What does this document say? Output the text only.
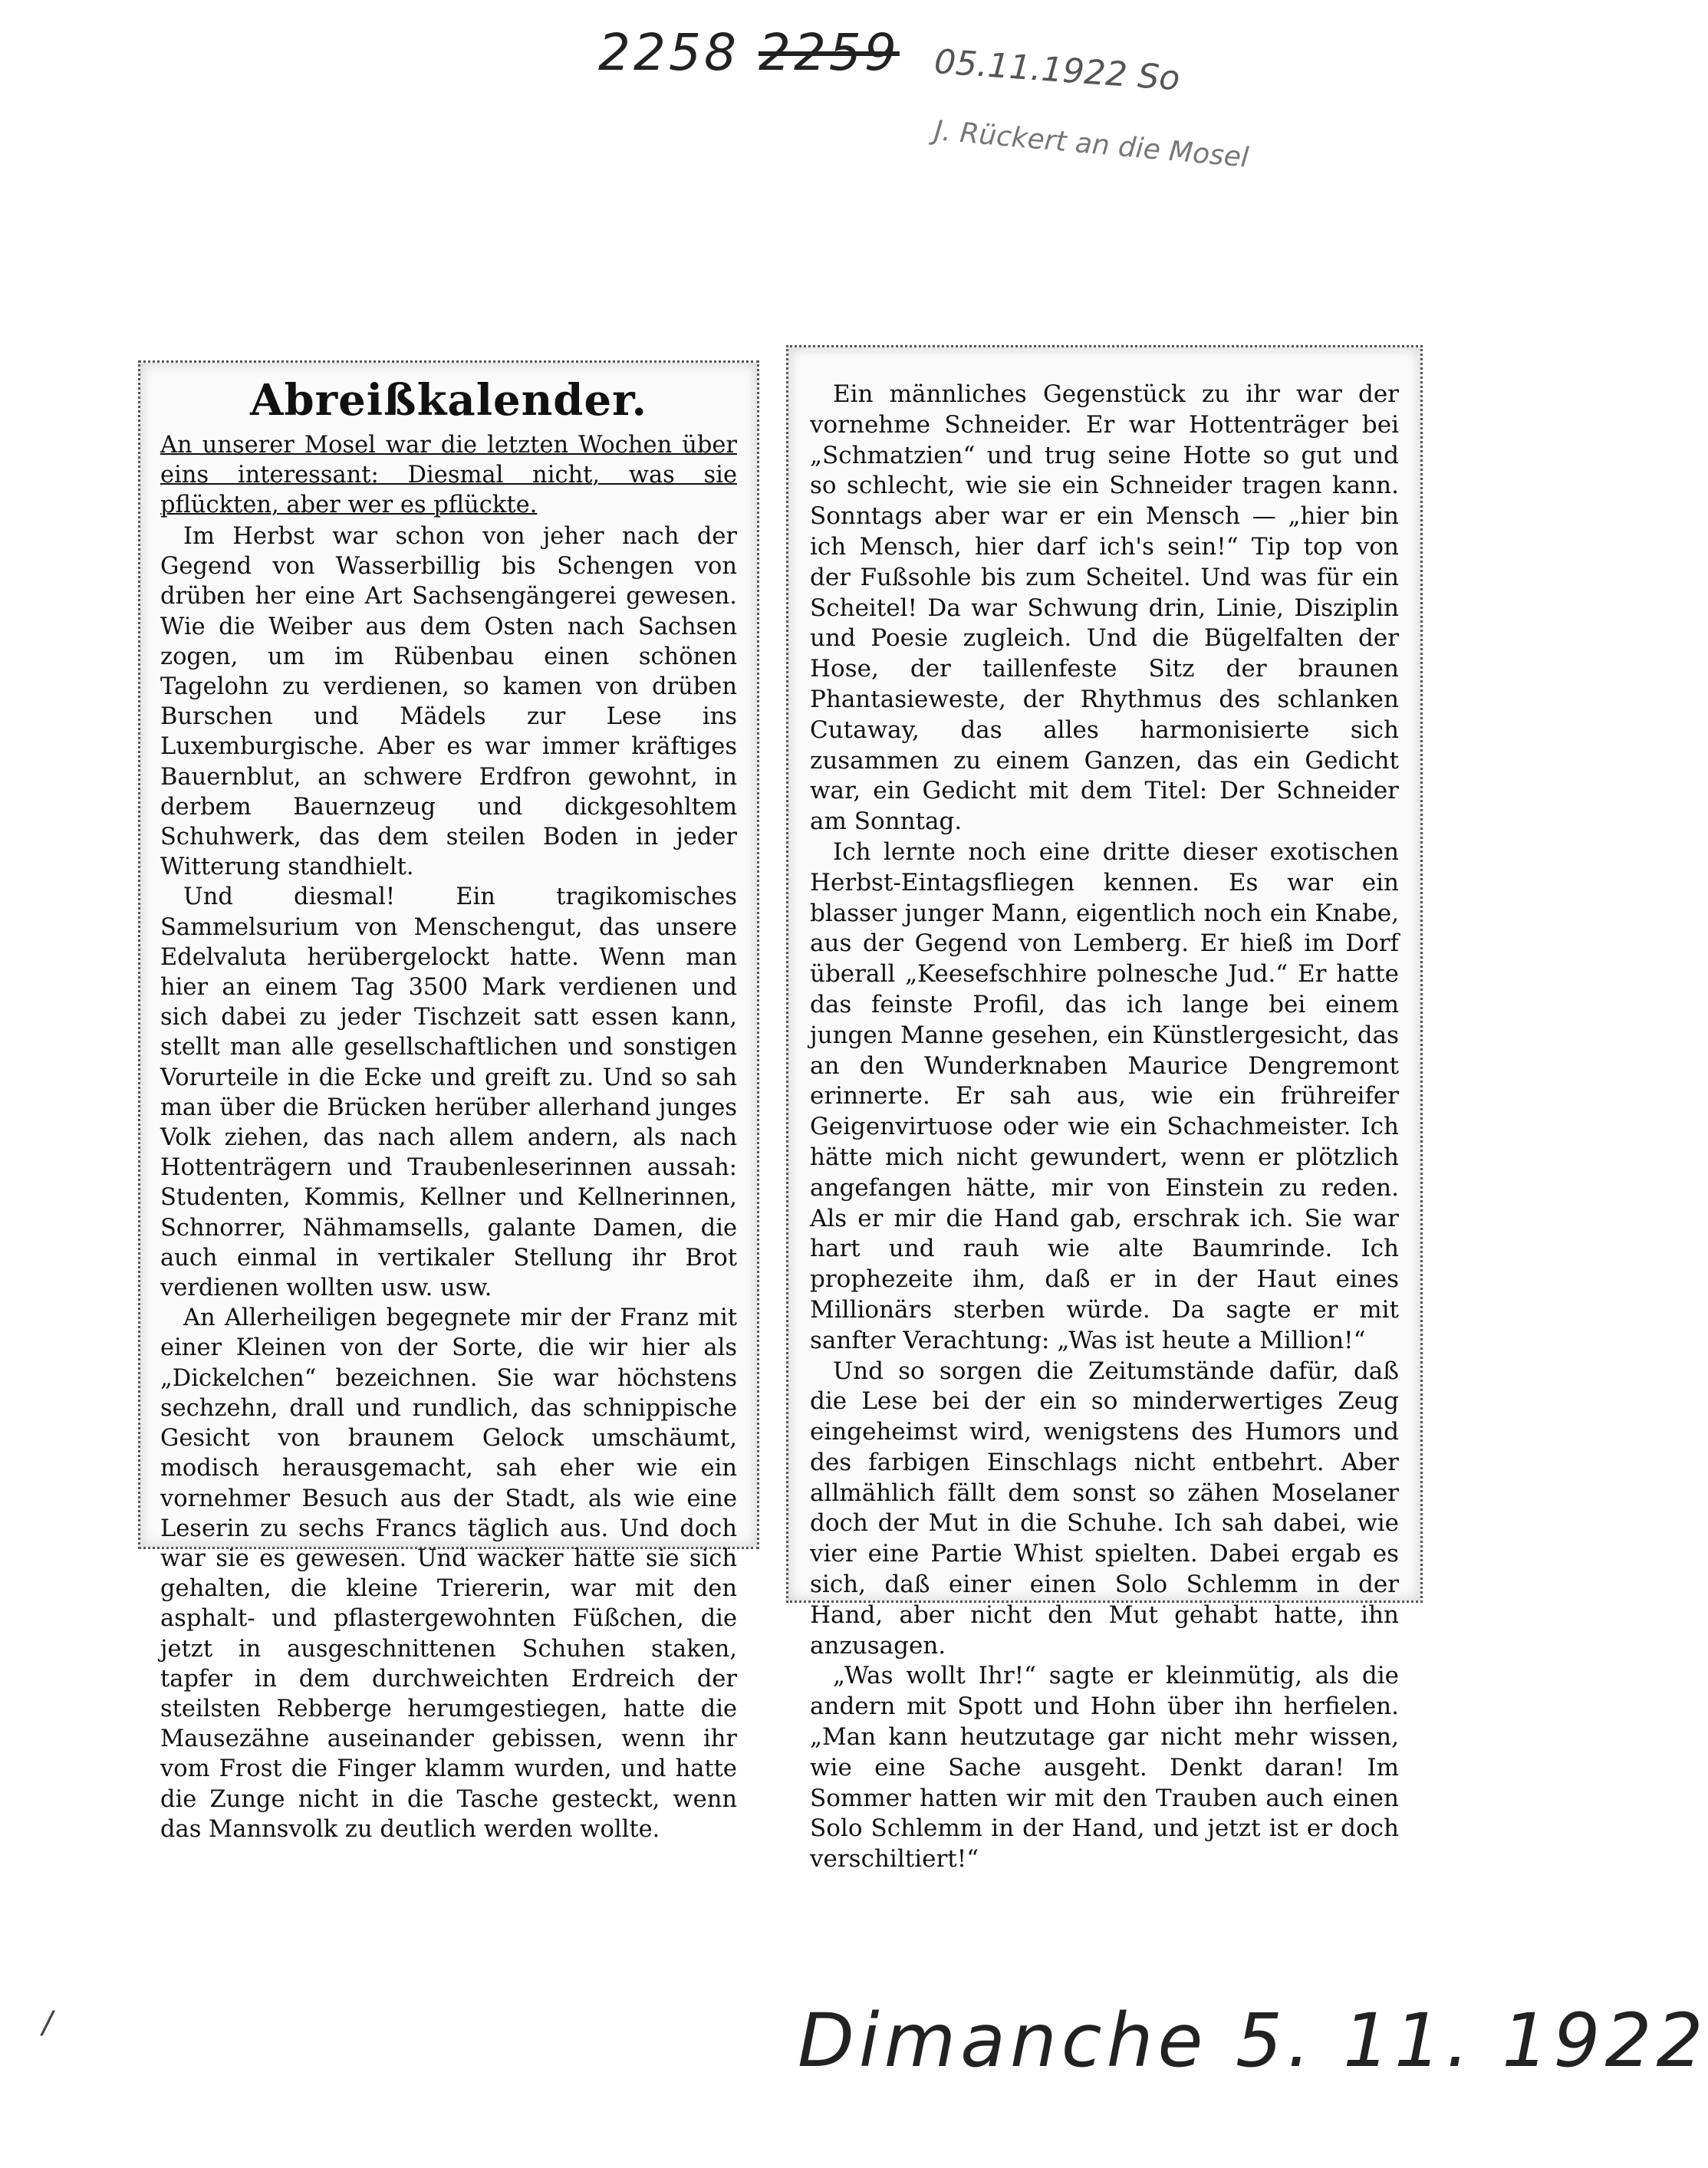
2258 2259 05.11.1922 So
J. Rückert an die Mosel
Abreißkalender.

An unserer Mosel war die letzten Wochen über eins interessant: Diesmal nicht, was sie pflückten, aber wer es pflückte.

Im Herbst war schon von jeher nach der Gegend von Wasserbillig bis Schengen von drüben her eine Art Sachsengängerei gewesen. Wie die Weiber aus dem Osten nach Sachsen zogen, um im Rübenbau einen schönen Tagelohn zu verdienen, so kamen von drüben Burschen und Mädels zur Lese ins Luxemburgische. Aber es war immer kräftiges Bauernblut, an schwere Erdfron gewohnt, in derbem Bauernzeug und dickgesohltem Schuhwerk, das dem steilen Boden in jeder Witterung standhielt.

Und diesmal! Ein tragikomisches Sammelsurium von Menschengut, das unsere Edelvaluta herübergelockt hatte. Wenn man hier an einem Tag 3500 Mark verdienen und sich dabei zu jeder Tischzeit satt essen kann, stellt man alle gesellschaftlichen und sonstigen Vorurteile in die Ecke und greift zu. Und so sah man über die Brücken herüber allerhand junges Volk ziehen, das nach allem andern, als nach Hottenträgern und Traubenleserinnen aussah: Studenten, Kommis, Kellner und Kellnerinnen, Schnorrer, Nähmamsells, galante Damen, die auch einmal in vertikaler Stellung ihr Brot verdienen wollten usw. usw.

An Allerheiligen begegnete mir der Franz mit einer Kleinen von der Sorte, die wir hier als „Dickelchen“ bezeichnen. Sie war höchstens sechzehn, drall und rundlich, das schnippische Gesicht von braunem Gelock umschäumt, modisch herausgemacht, sah eher wie ein vornehmer Besuch aus der Stadt, als wie eine Leserin zu sechs Francs täglich aus. Und doch war sie es gewesen. Und wacker hatte sie sich gehalten, die kleine Triererin, war mit den asphalt- und pflastergewohnten Füßchen, die jetzt in ausgeschnittenen Schuhen staken, tapfer in dem durchweichten Erdreich der steilsten Rebberge herumgestiegen, hatte die Mausezähne auseinander gebissen, wenn ihr vom Frost die Finger klamm wurden, und hatte die Zunge nicht in die Tasche gesteckt, wenn das Mannsvolk zu deutlich werden wollte.

Ein männliches Gegenstück zu ihr war der vornehme Schneider. Er war Hottenträger bei „Schmatzien“ und trug seine Hotte so gut und so schlecht, wie sie ein Schneider tragen kann. Sonntags aber war er ein Mensch — „hier bin ich Mensch, hier darf ich's sein!“ Tip top von der Fußsohle bis zum Scheitel. Und was für ein Scheitel! Da war Schwung drin, Linie, Disziplin und Poesie zugleich. Und die Bügelfalten der Hose, der taillenfeste Sitz der braunen Phantasieweste, der Rhythmus des schlanken Cutaway, das alles harmonisierte sich zusammen zu einem Ganzen, das ein Gedicht war, ein Gedicht mit dem Titel: Der Schneider am Sonntag.

Ich lernte noch eine dritte dieser exotischen Herbst-Eintagsfliegen kennen. Es war ein blasser junger Mann, eigentlich noch ein Knabe, aus der Gegend von Lemberg. Er hieß im Dorf überall „Keesefschhire polnesche Jud.“ Er hatte das feinste Profil, das ich lange bei einem jungen Manne gesehen, ein Künstlergesicht, das an den Wunderknaben Maurice Dengremont erinnerte. Er sah aus, wie ein frühreifer Geigenvirtuose oder wie ein Schachmeister. Ich hätte mich nicht gewundert, wenn er plötzlich angefangen hätte, mir von Einstein zu reden. Als er mir die Hand gab, erschrak ich. Sie war hart und rauh wie alte Baumrinde. Ich prophezeite ihm, daß er in der Haut eines Millionärs sterben würde. Da sagte er mit sanfter Verachtung: „Was ist heute a Million!“

Und so sorgen die Zeitumstände dafür, daß die Lese bei der ein so minderwertiges Zeug eingeheimst wird, wenigstens des Humors und des farbigen Einschlags nicht entbehrt. Aber allmählich fällt dem sonst so zähen Moselaner doch der Mut in die Schuhe. Ich sah dabei, wie vier eine Partie Whist spielten. Dabei ergab es sich, daß einer einen Solo Schlemm in der Hand, aber nicht den Mut gehabt hatte, ihn anzusagen.

„Was wollt Ihr!“ sagte er kleinmütig, als die andern mit Spott und Hohn über ihn herfielen. „Man kann heutzutage gar nicht mehr wissen, wie eine Sache ausgeht. Denkt daran! Im Sommer hatten wir mit den Trauben auch einen Solo Schlemm in der Hand, und jetzt ist er doch verschiltiert!“

/	Dimanche 5. 11. 1922
